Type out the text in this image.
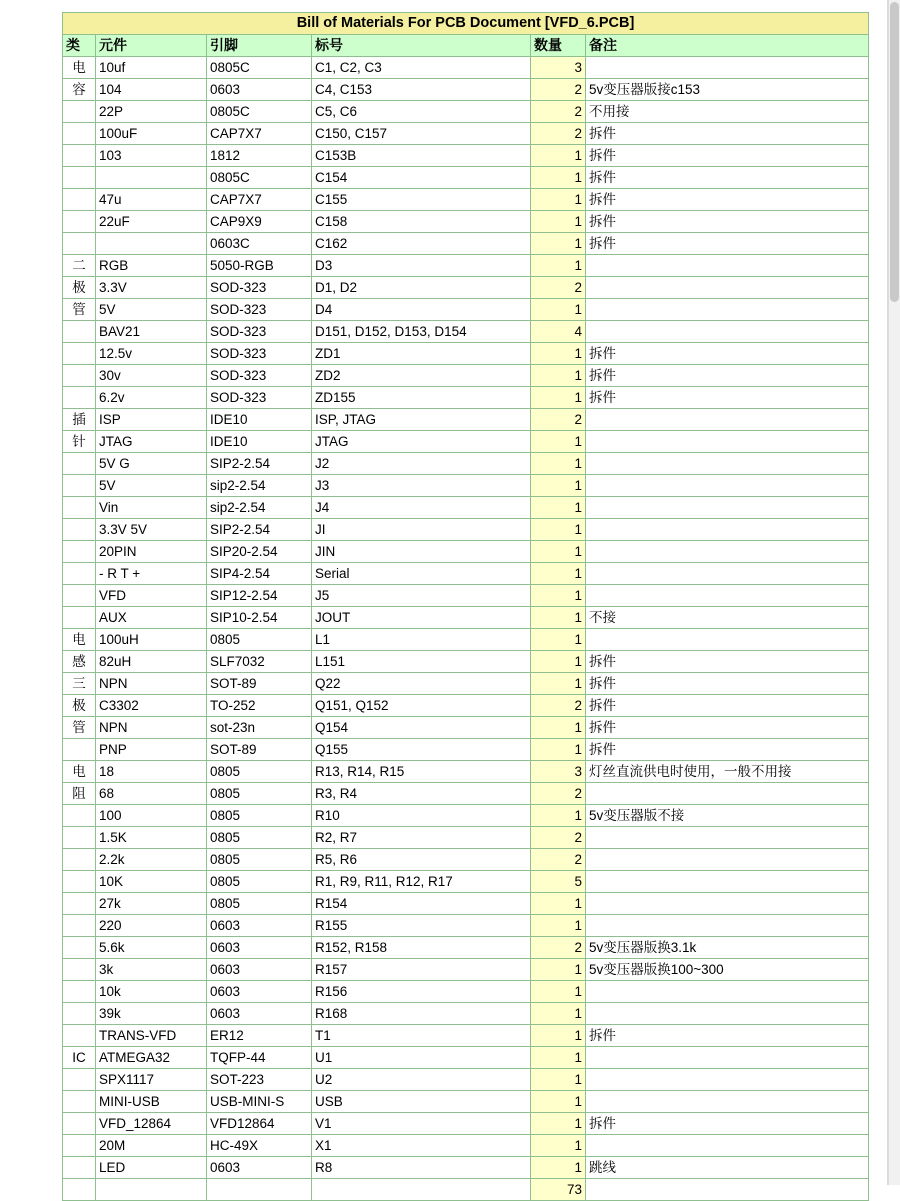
Bill of Materials For PCB Document [VFD_6.PCB]					
类	元件	引脚	标号	数量	备注
电	10uf	0805C	C1, C2, C3	3	
容	104	0603	C4, C153	2	5v变压器版接c153
	22P	0805C	C5, C6	2	不用接
	100uF	CAP7X7	C150, C157	2	拆件
	103	1812	C153B	1	拆件
		0805C	C154	1	拆件
	47u	CAP7X7	C155	1	拆件
	22uF	CAP9X9	C158	1	拆件
		0603C	C162	1	拆件
二	RGB	5050-RGB	D3	1	
极	3.3V	SOD-323	D1, D2	2	
管	5V	SOD-323	D4	1	
	BAV21	SOD-323	D151, D152, D153, D154	4	
	12.5v	SOD-323	ZD1	1	拆件
	30v	SOD-323	ZD2	1	拆件
	6.2v	SOD-323	ZD155	1	拆件
插	ISP	IDE10	ISP, JTAG	2	
针	JTAG	IDE10	JTAG	1	
	5V G	SIP2-2.54	J2	1	
	5V	sip2-2.54	J3	1	
	Vin	sip2-2.54	J4	1	
	3.3V 5V	SIP2-2.54	JI	1	
	20PIN	SIP20-2.54	JIN	1	
	- R T +	SIP4-2.54	Serial	1	
	VFD	SIP12-2.54	J5	1	
	AUX	SIP10-2.54	JOUT	1	不接
电	100uH	0805	L1	1	
感	82uH	SLF7032	L151	1	拆件
三	NPN	SOT-89	Q22	1	拆件
极	C3302	TO-252	Q151, Q152	2	拆件
管	NPN	sot-23n	Q154	1	拆件
	PNP	SOT-89	Q155	1	拆件
电	18	0805	R13, R14, R15	3	灯丝直流供电时使用，一般不用接
阻	68	0805	R3, R4	2	
	100	0805	R10	1	5v变压器版不接
	1.5K	0805	R2, R7	2	
	2.2k	0805	R5, R6	2	
	10K	0805	R1, R9, R11, R12, R17	5	
	27k	0805	R154	1	
	220	0603	R155	1	
	5.6k	0603	R152, R158	2	5v变压器版换3.1k
	3k	0603	R157	1	5v变压器版换100~300
	10k	0603	R156	1	
	39k	0603	R168	1	
	TRANS-VFD	ER12	T1	1	拆件
IC	ATMEGA32	TQFP-44	U1	1	
	SPX1117	SOT-223	U2	1	
	MINI-USB	USB-MINI-S	USB	1	
	VFD_12864	VFD12864	V1	1	拆件
	20M	HC-49X	X1	1	
	LED	0603	R8	1	跳线
				73	
